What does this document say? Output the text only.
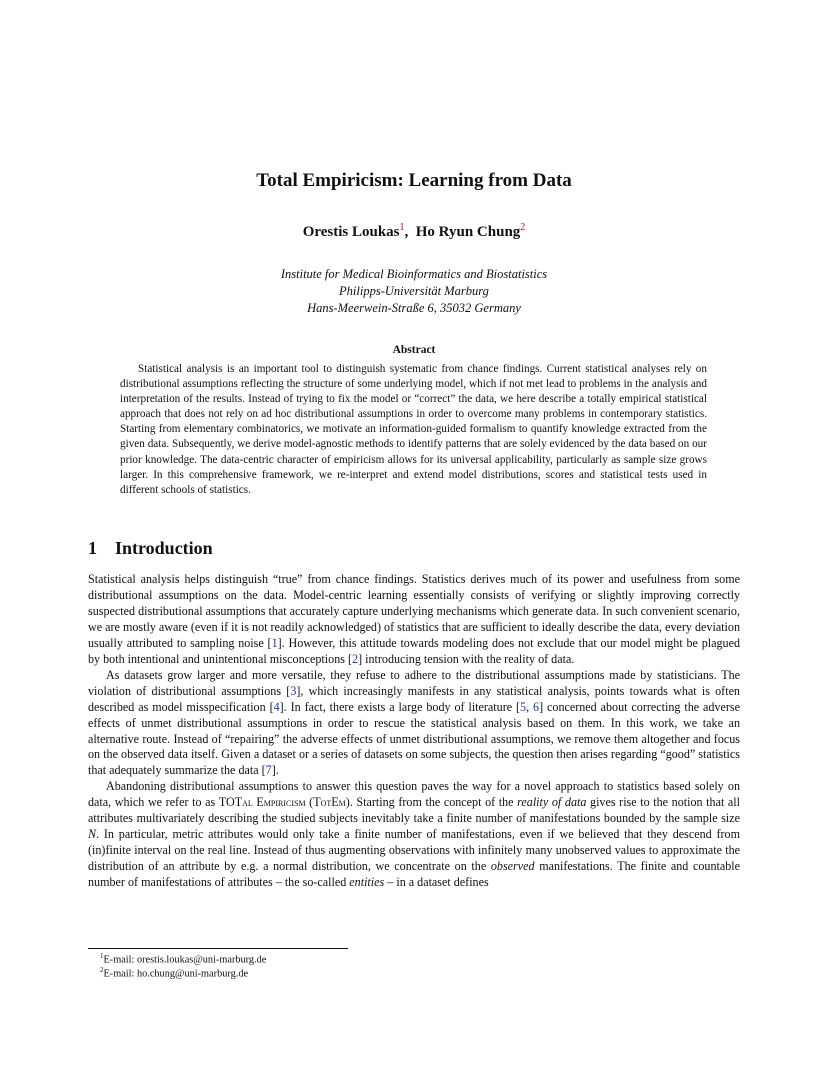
Total Empiricism: Learning from Data
Orestis Loukas$^1$,  Ho Ryun Chung$^2$
Institute for Medical Bioinformatics and Biostatistics
Philipps-Universität Marburg
Hans-Meerwein-Straße 6, 35032 Germany
Abstract
Statistical analysis is an important tool to distinguish systematic from chance findings. Current statistical analyses rely on distributional assumptions reflecting the structure of some underlying model, which if not met lead to problems in the analysis and interpretation of the results. Instead of trying to fix the model or “correct” the data, we here describe a totally empirical statistical approach that does not rely on ad hoc distributional assumptions in order to overcome many problems in contemporary statistics. Starting from elementary combinatorics, we motivate an information-guided formalism to quantify knowledge extracted from the given data. Subsequently, we derive model-agnostic methods to identify patterns that are solely evidenced by the data based on our prior knowledge. The data-centric character of empiricism allows for its universal applicability, particularly as sample size grows larger. In this comprehensive framework, we re-interpret and extend model distributions, scores and statistical tests used in different schools of statistics.
1 Introduction

Statistical analysis helps distinguish “true” from chance findings. Statistics derives much of its power and usefulness from some distributional assumptions on the data. Model-centric learning essentially consists of verifying or slightly improving correctly suspected distributional assumptions that accurately capture underlying mechanisms which generate data. In such convenient scenario, we are mostly aware (even if it is not readily acknowledged) of statistics that are sufficient to ideally describe the data, every deviation usually attributed to sampling noise [1]. However, this attitude towards modeling does not exclude that our model might be plagued by both intentional and unintentional misconceptions [2] introducing tension with the reality of data.

As datasets grow larger and more versatile, they refuse to adhere to the distributional assumptions made by statisticians. The violation of distributional assumptions [3], which increasingly manifests in any statistical analysis, points towards what is often described as model misspecification [4]. In fact, there exists a large body of literature [5, 6] concerned about correcting the adverse effects of unmet distributional assumptions in order to rescue the statistical analysis based on them. In this work, we take an alternative route. Instead of “repairing” the adverse effects of unmet distributional assumptions, we remove them altogether and focus on the observed data itself. Given a dataset or a series of datasets on some subjects, the question then arises regarding “good” statistics that adequately summarize the data [7].

Abandoning distributional assumptions to answer this question paves the way for a novel approach to statistics based solely on data, which we refer to as TOTal Empiricism (TotEm). Starting from the concept of the reality of data gives rise to the notion that all attributes multivariately describing the studied subjects inevitably take a finite number of manifestations bounded by the sample size N. In particular, metric attributes would only take a finite number of manifestations, even if we believed that they descend from (in)finite interval on the real line. Instead of thus augmenting observations with infinitely many unobserved values to approximate the distribution of an attribute by e.g. a normal distribution, we concentrate on the observed manifestations. The finite and countable number of manifestations of attributes – the so-called entities – in a dataset defines

$^1$E-mail: orestis.loukas@uni-marburg.de
$^2$E-mail: ho.chung@uni-marburg.de
